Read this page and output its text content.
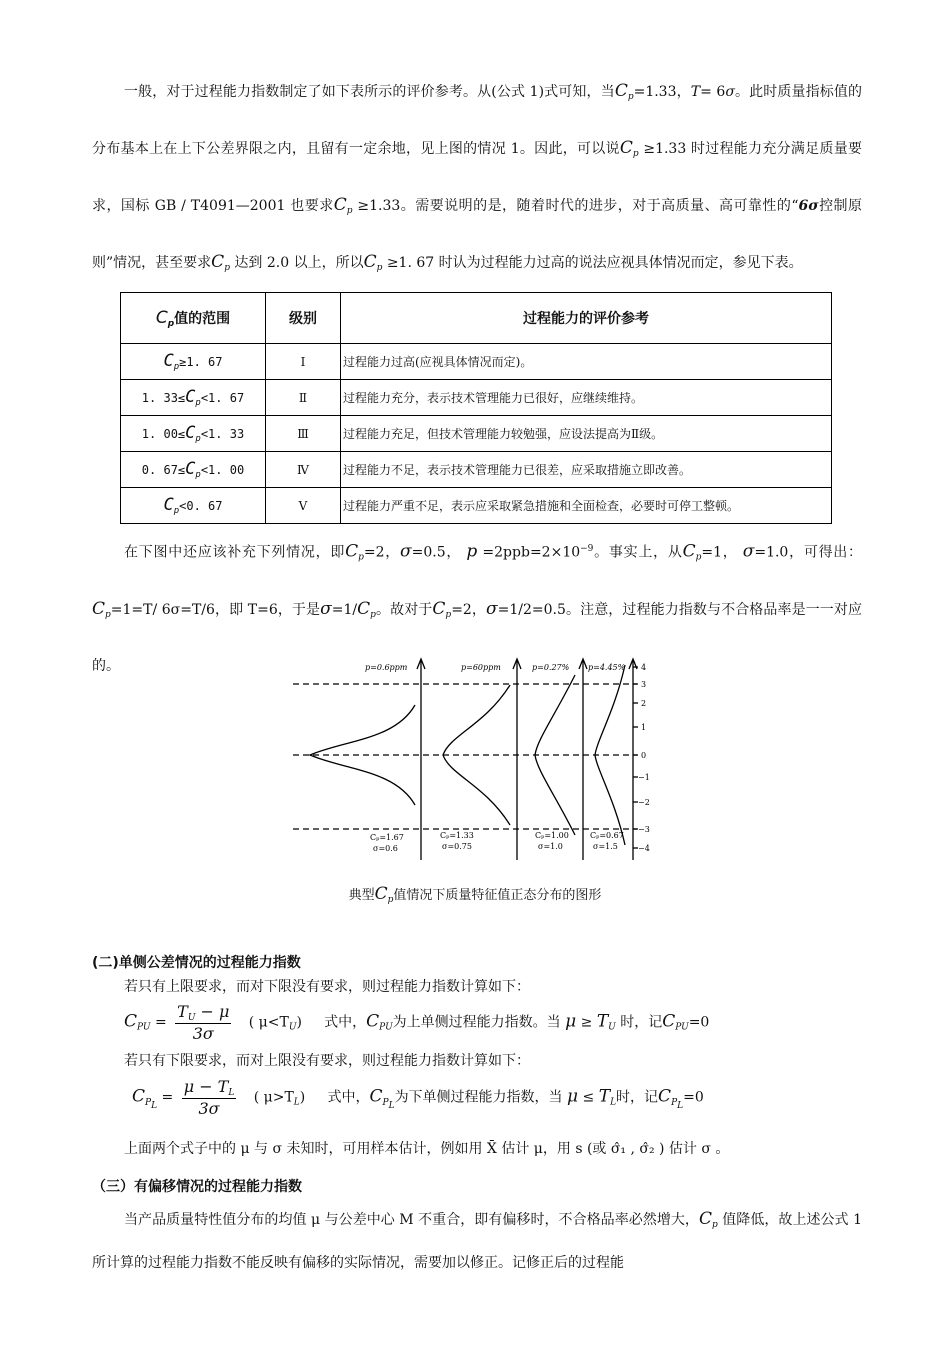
一般，对于过程能力指数制定了如下表所示的评价参考。从(公式 1)式可知，当$C_p=1.33$，T= 6σ。此时质量指标值的分布基本上在上下公差界限之内，且留有一定余地，见上图的情况 1。因此，可以说$C_p \ge 1.33$ 时过程能力充分满足质量要求，国标 GB / T4091—2001 也要求$C_p \ge 1.33$。需要说明的是，随着时代的进步，对于高质量、高可靠性的“6σ控制原则”情况，甚至要求$C_p$ 达到 2.0 以上，所以$C_p \ge 1$. 67 时认为过程能力过高的说法应视具体情况而定，参见下表。
$C_p$值的范围	级别	过程能力的评价参考
$C_p\ge 1$. 67	Ⅰ	过程能力过高(应视具体情况而定)。
1. $33\le C_p<1$. 67	Ⅱ	过程能力充分，表示技术管理能力已很好，应继续维持。
1. $00\le C_p<1$. 33	Ⅲ	过程能力充足，但技术管理能力较勉强，应设法提高为Ⅱ级。
0. $67\le C_p<1$. 00	Ⅳ	过程能力不足，表示技术管理能力已很差，应采取措施立即改善。
$C_p<0$. 67	Ⅴ	过程能力严重不足，表示应采取紧急措施和全面检查，必要时可停工整顿。
在下图中还应该补充下列情况，即$C_p=2$，σ=0.5， $p =2ppb=2\times 10^{-9}$。事实上，从$C_p=1$， σ=1.0，可得出：$C_p=1=T/$ 6σ=T/6，即 T=6，于是$\sigma=1/C_p$。故对于$C_p=2$，σ=1/2=0.5。注意，过程能力指数与不合格品率是一一对应的。	p=0.6ppm	p=60ppm	p=0.27% p=4.45% 4
3
2
1
0
−1
−2
−3
−4
Cₚ=1.67
σ=0.6
Cₚ=1.33
σ=0.75
Cₚ=1.00
σ=1.0
Cₚ=0.67
σ=1.5
典型$C_p$值情况下质量特征值正态分布的图形
(二)单侧公差情况的过程能力指数
若只有上限要求，而对下限没有要求，则过程能力指数计算如下：
$C_{PU} = \frac{T_U - \mu}{3\sigma}$ ( $\mu<T_U$)     式中，$C_{PU}$为上单侧过程能力指数。当 $\mu \ge T_U$ 时，记$C_{PU}=0$
若只有下限要求，而对上限没有要求，则过程能力指数计算如下：
$C_{P_L} = \frac{\mu - T_L}{3\sigma}$ ( $\mu>T_L$)     式中，$C_{P_L}$为下单侧过程能力指数，当 $\mu \le T_L$时，记$C_{P_L}=0$
上面两个式子中的 μ 与 σ 未知时，可用样本估计，例如用 X̄ 估计 μ，用 s (或 σ̂₁ , σ̂₂ ) 估计 σ 。
（三）有偏移情况的过程能力指数
当产品质量特性值分布的均值 μ 与公差中心 M 不重合，即有偏移时，不合格品率必然增大，$C_p$ 值降低，故上述公式 1 所计算的过程能力指数不能反映有偏移的实际情况，需要加以修正。记修正后的过程能
